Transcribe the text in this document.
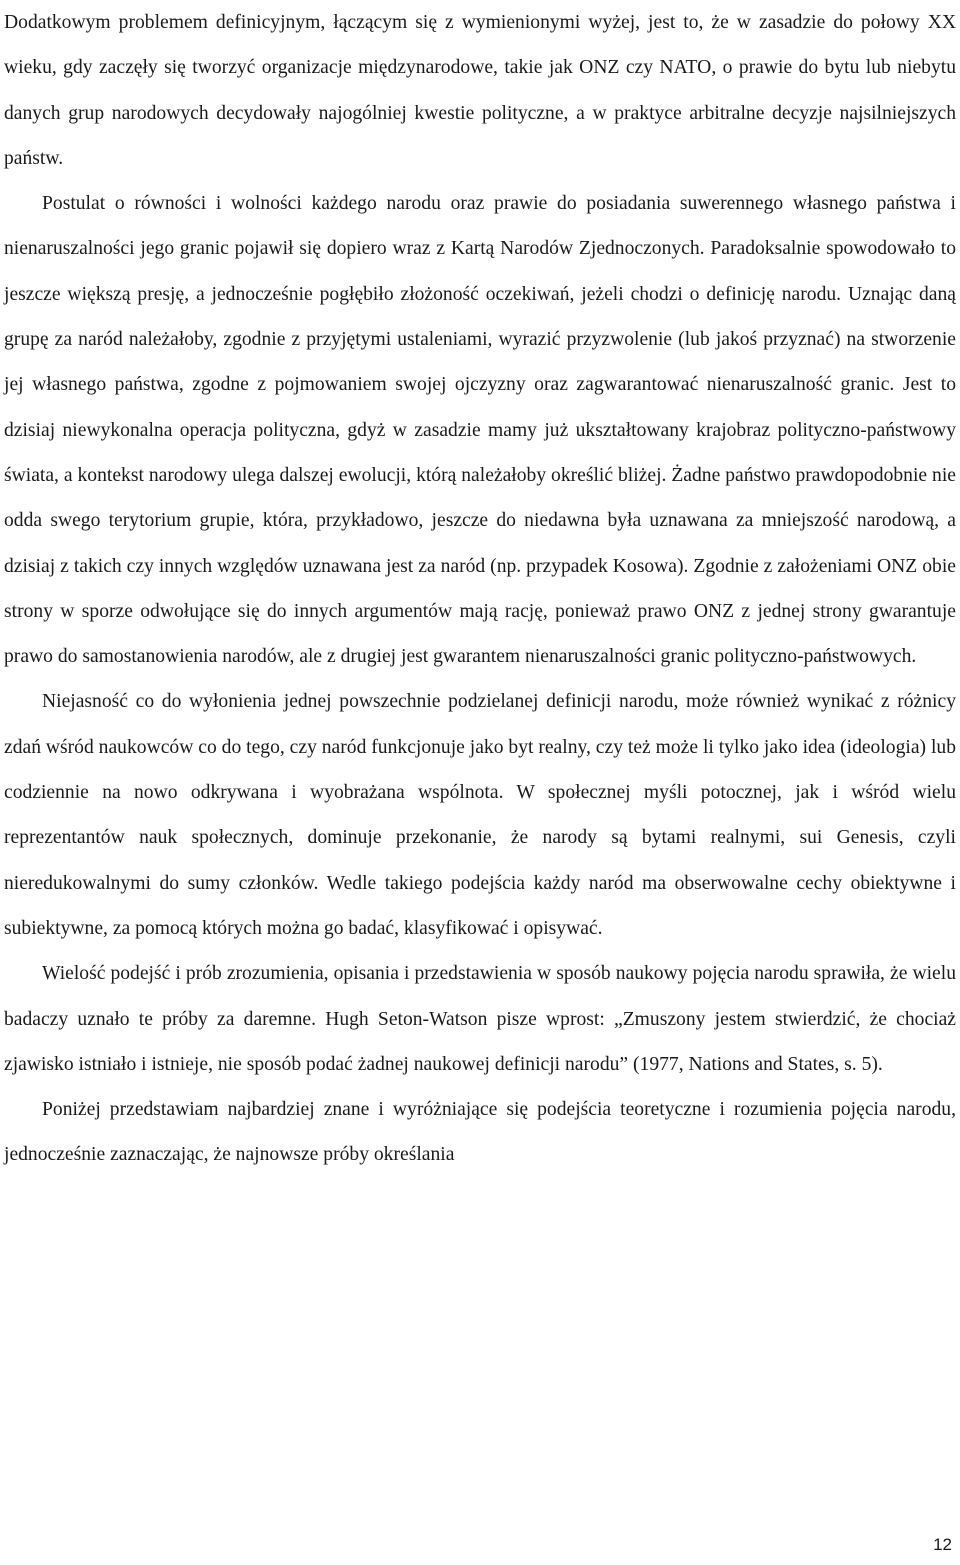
Dodatkowym problemem definicyjnym, łączącym się z wymienionymi wyżej, jest to, że w zasadzie do połowy XX wieku, gdy zaczęły się tworzyć organizacje międzynarodowe, takie jak ONZ czy NATO, o prawie do bytu lub niebytu danych grup narodowych decydowały najogólniej kwestie polityczne, a w praktyce arbitralne decyzje najsilniejszych państw.

Postulat o równości i wolności każdego narodu oraz prawie do posiadania suwerennego własnego państwa i nienaruszalności jego granic pojawił się dopiero wraz z Kartą Narodów Zjednoczonych. Paradoksalnie spowodowało to jeszcze większą presję, a jednocześnie pogłębiło złożoność oczekiwań, jeżeli chodzi o definicję narodu. Uznając daną grupę za naród należałoby, zgodnie z przyjętymi ustaleniami, wyrazić przyzwolenie (lub jakoś przyznać) na stworzenie jej własnego państwa, zgodne z pojmowaniem swojej ojczyzny oraz zagwarantować nienaruszalność granic. Jest to dzisiaj niewykonalna operacja polityczna, gdyż w zasadzie mamy już ukształtowany krajobraz polityczno-państwowy świata, a kontekst narodowy ulega dalszej ewolucji, którą należałoby określić bliżej. Żadne państwo prawdopodobnie nie odda swego terytorium grupie, która, przykładowo, jeszcze do niedawna była uznawana za mniejszość narodową, a dzisiaj z takich czy innych względów uznawana jest za naród (np. przypadek Kosowa). Zgodnie z założeniami ONZ obie strony w sporze odwołujące się do innych argumentów mają rację, ponieważ prawo ONZ z jednej strony gwarantuje prawo do samostanowienia narodów, ale z drugiej jest gwarantem nienaruszalności granic polityczno-państwowych.

Niejasność co do wyłonienia jednej powszechnie podzielanej definicji narodu, może również wynikać z różnicy zdań wśród naukowców co do tego, czy naród funkcjonuje jako byt realny, czy też może li tylko jako idea (ideologia) lub codziennie na nowo odkrywana i wyobrażana wspólnota. W społecznej myśli potocznej, jak i wśród wielu reprezentantów nauk społecznych, dominuje przekonanie, że narody są bytami realnymi, sui Genesis, czyli nieredukowalnymi do sumy członków. Wedle takiego podejścia każdy naród ma obserwowalne cechy obiektywne i subiektywne, za pomocą których można go badać, klasyfikować i opisywać.

Wielość podejść i prób zrozumienia, opisania i przedstawienia w sposób naukowy pojęcia narodu sprawiła, że wielu badaczy uznało te próby za daremne. Hugh Seton-Watson pisze wprost: „Zmuszony jestem stwierdzić, że chociaż zjawisko istniało i istnieje, nie sposób podać żadnej naukowej definicji narodu” (1977, Nations and States, s. 5).

Poniżej przedstawiam najbardziej znane i wyróżniające się podejścia teoretyczne i rozumienia pojęcia narodu, jednocześnie zaznaczając, że najnowsze próby określania

12
